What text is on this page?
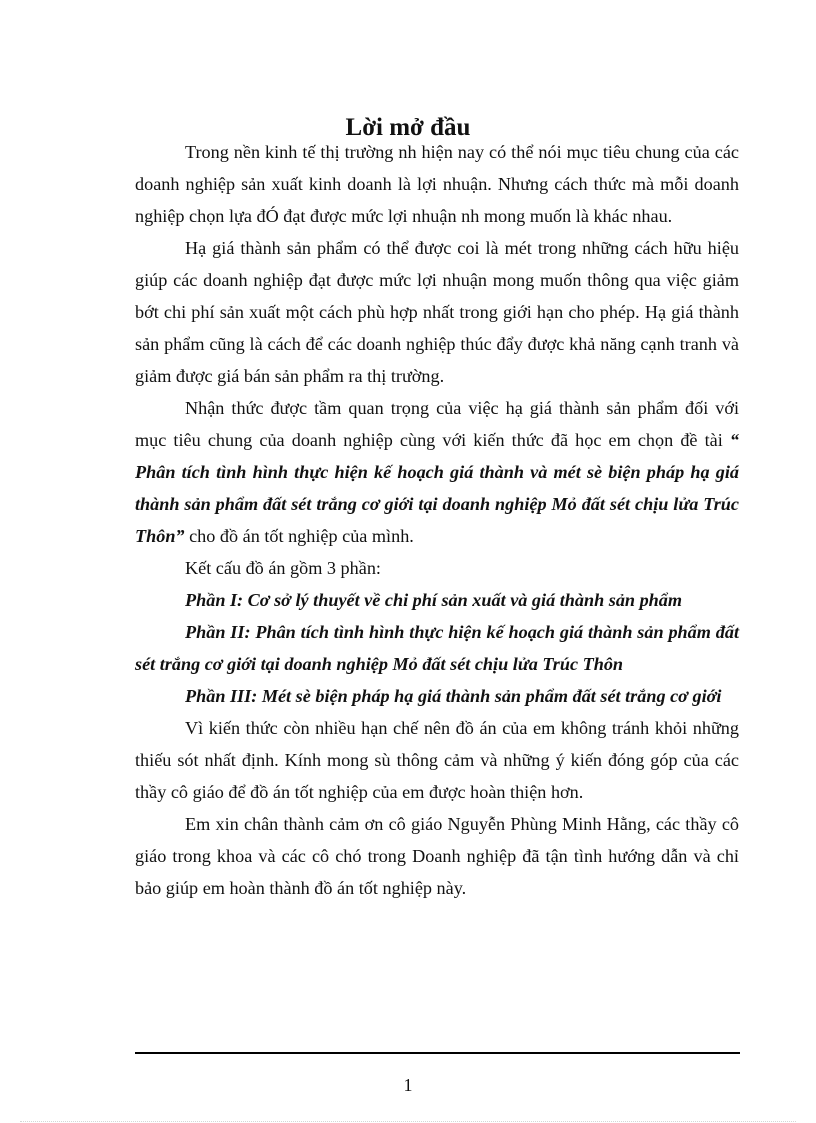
Lời mở đầu

Trong nền kinh tế thị trường nh hiện nay có thể nói mục tiêu chung của các doanh nghiệp sản xuất kinh doanh là lợi nhuận. Nhưng cách thức mà mỗi doanh nghiệp chọn lựa đÓ đạt được mức lợi nhuận nh mong muốn là khác nhau.

Hạ giá thành sản phẩm có thể được coi là mét trong những cách hữu hiệu giúp các doanh nghiệp đạt được mức lợi nhuận mong muốn thông qua việc giảm bớt chi phí sản xuất một cách phù hợp nhất trong giới hạn cho phép. Hạ giá thành sản phẩm cũng là cách để các doanh nghiệp thúc đẩy được khả năng cạnh tranh và giảm được giá bán sản phẩm ra thị trường.

Nhận thức được tầm quan trọng của việc hạ giá thành sản phẩm đối với mục tiêu chung của doanh nghiệp cùng với kiến thức đã học em chọn đề tài “ Phân tích tình hình thực hiện kế hoạch giá thành và mét sè biện pháp hạ giá thành sản phẩm đất sét trắng cơ giới tại doanh nghiệp Mỏ đất sét chịu lửa Trúc Thôn” cho đồ án tốt nghiệp của mình.

Kết cấu đồ án gồm 3 phần:

Phần I: Cơ sở lý thuyết về chi phí sản xuất và giá thành sản phẩm

Phần II: Phân tích tình hình thực hiện kế hoạch giá thành sản phẩm đất sét trắng cơ giới tại doanh nghiệp Mỏ đất sét chịu lửa Trúc Thôn

Phần III: Mét sè biện pháp hạ giá thành sản phẩm đất sét trắng cơ giới

Vì kiến thức còn nhiều hạn chế nên đồ án của em không tránh khỏi những thiếu sót nhất định. Kính mong sù thông cảm và những ý kiến đóng góp của các thầy cô giáo để đồ án tốt nghiệp của em được hoàn thiện hơn.

Em xin chân thành cảm ơn cô giáo Nguyễn Phùng Minh Hằng, các thầy cô giáo trong khoa và các cô chó trong Doanh nghiệp đã tận tình hướng dẫn và chỉ bảo giúp em hoàn thành đồ án tốt nghiệp này.

1
